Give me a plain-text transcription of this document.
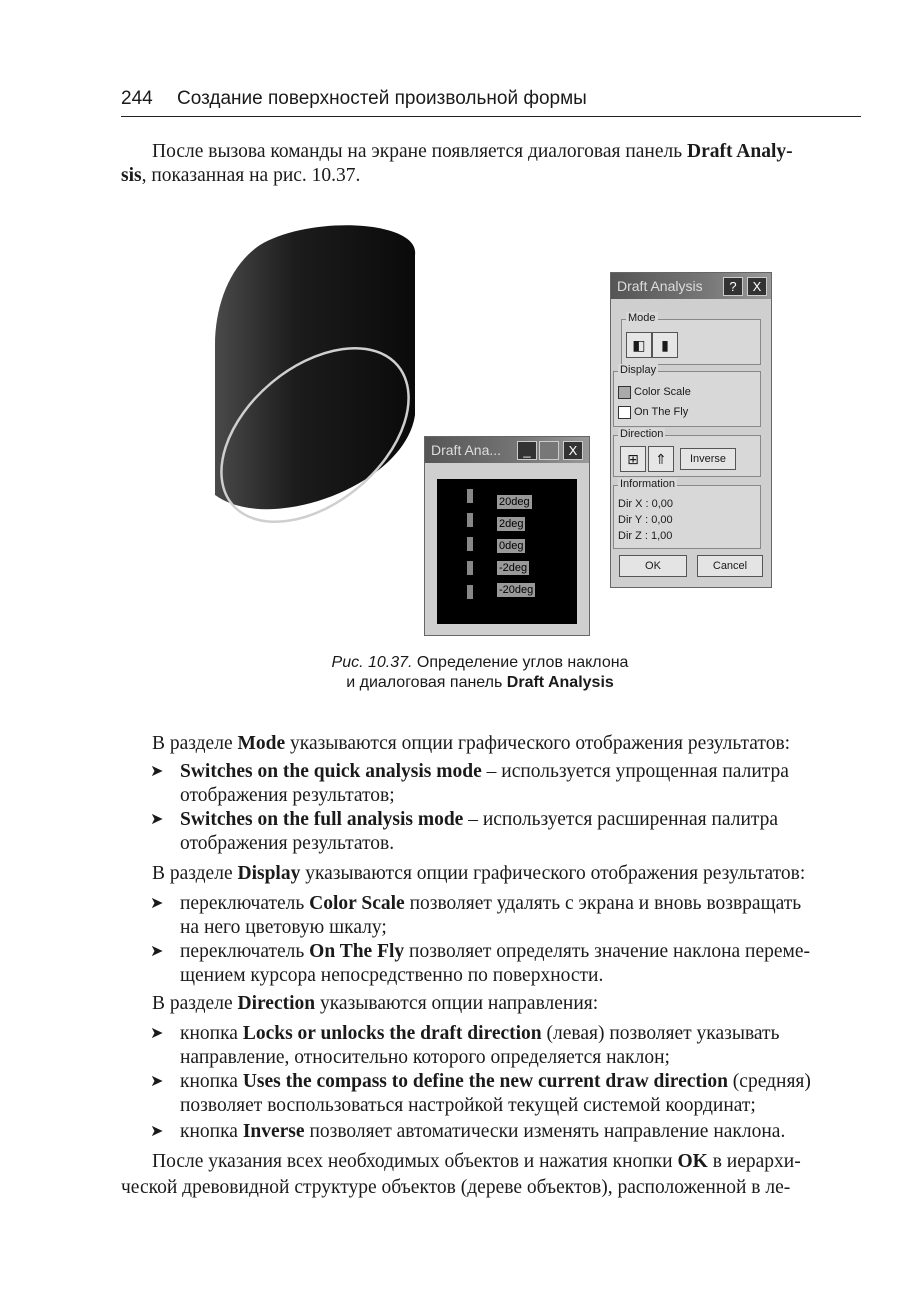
244 Создание поверхностей произвольной формы

После вызова команды на экране появляется диалоговая панель Draft Analy-

sis, показанная на рис. 10.37.

Draft Ana...	_	X
20deg
2deg
0deg
-2deg
-20deg
Draft Analysis	?	X
Mode
◧	▮
Display
Color Scale
On The Fly
Direction
⊞	⇑	Inverse
Information
Dir X : 0,00
Dir Y : 0,00
Dir Z : 1,00
OK	Cancel
Рис. 10.37. Определение углов наклона
и диалоговая панель Draft Analysis

В разделе Mode указываются опции графического отображения результатов:

➤ Switches on the quick analysis mode – используется упрощенная палитра
отображения результатов;
➤ Switches on the full analysis mode – используется расширенная палитра
отображения результатов.

В разделе Display указываются опции графического отображения результатов:

➤ переключатель Color Scale позволяет удалять с экрана и вновь возвращать
на него цветовую шкалу;
➤ переключатель On The Fly позволяет определять значение наклона переме-
щением курсора непосредственно по поверхности.

В разделе Direction указываются опции направления:

➤ кнопка Locks or unlocks the draft direction (левая) позволяет указывать
направление, относительно которого определяется наклон;
➤ кнопка Uses the compass to define the new current draw direction (средняя)
позволяет воспользоваться настройкой текущей системой координат;
➤ кнопка Inverse позволяет автоматически изменять направление наклона.

После указания всех необходимых объектов и нажатия кнопки OK в иерархи-

ческой древовидной структуре объектов (дереве объектов), расположенной в ле-
